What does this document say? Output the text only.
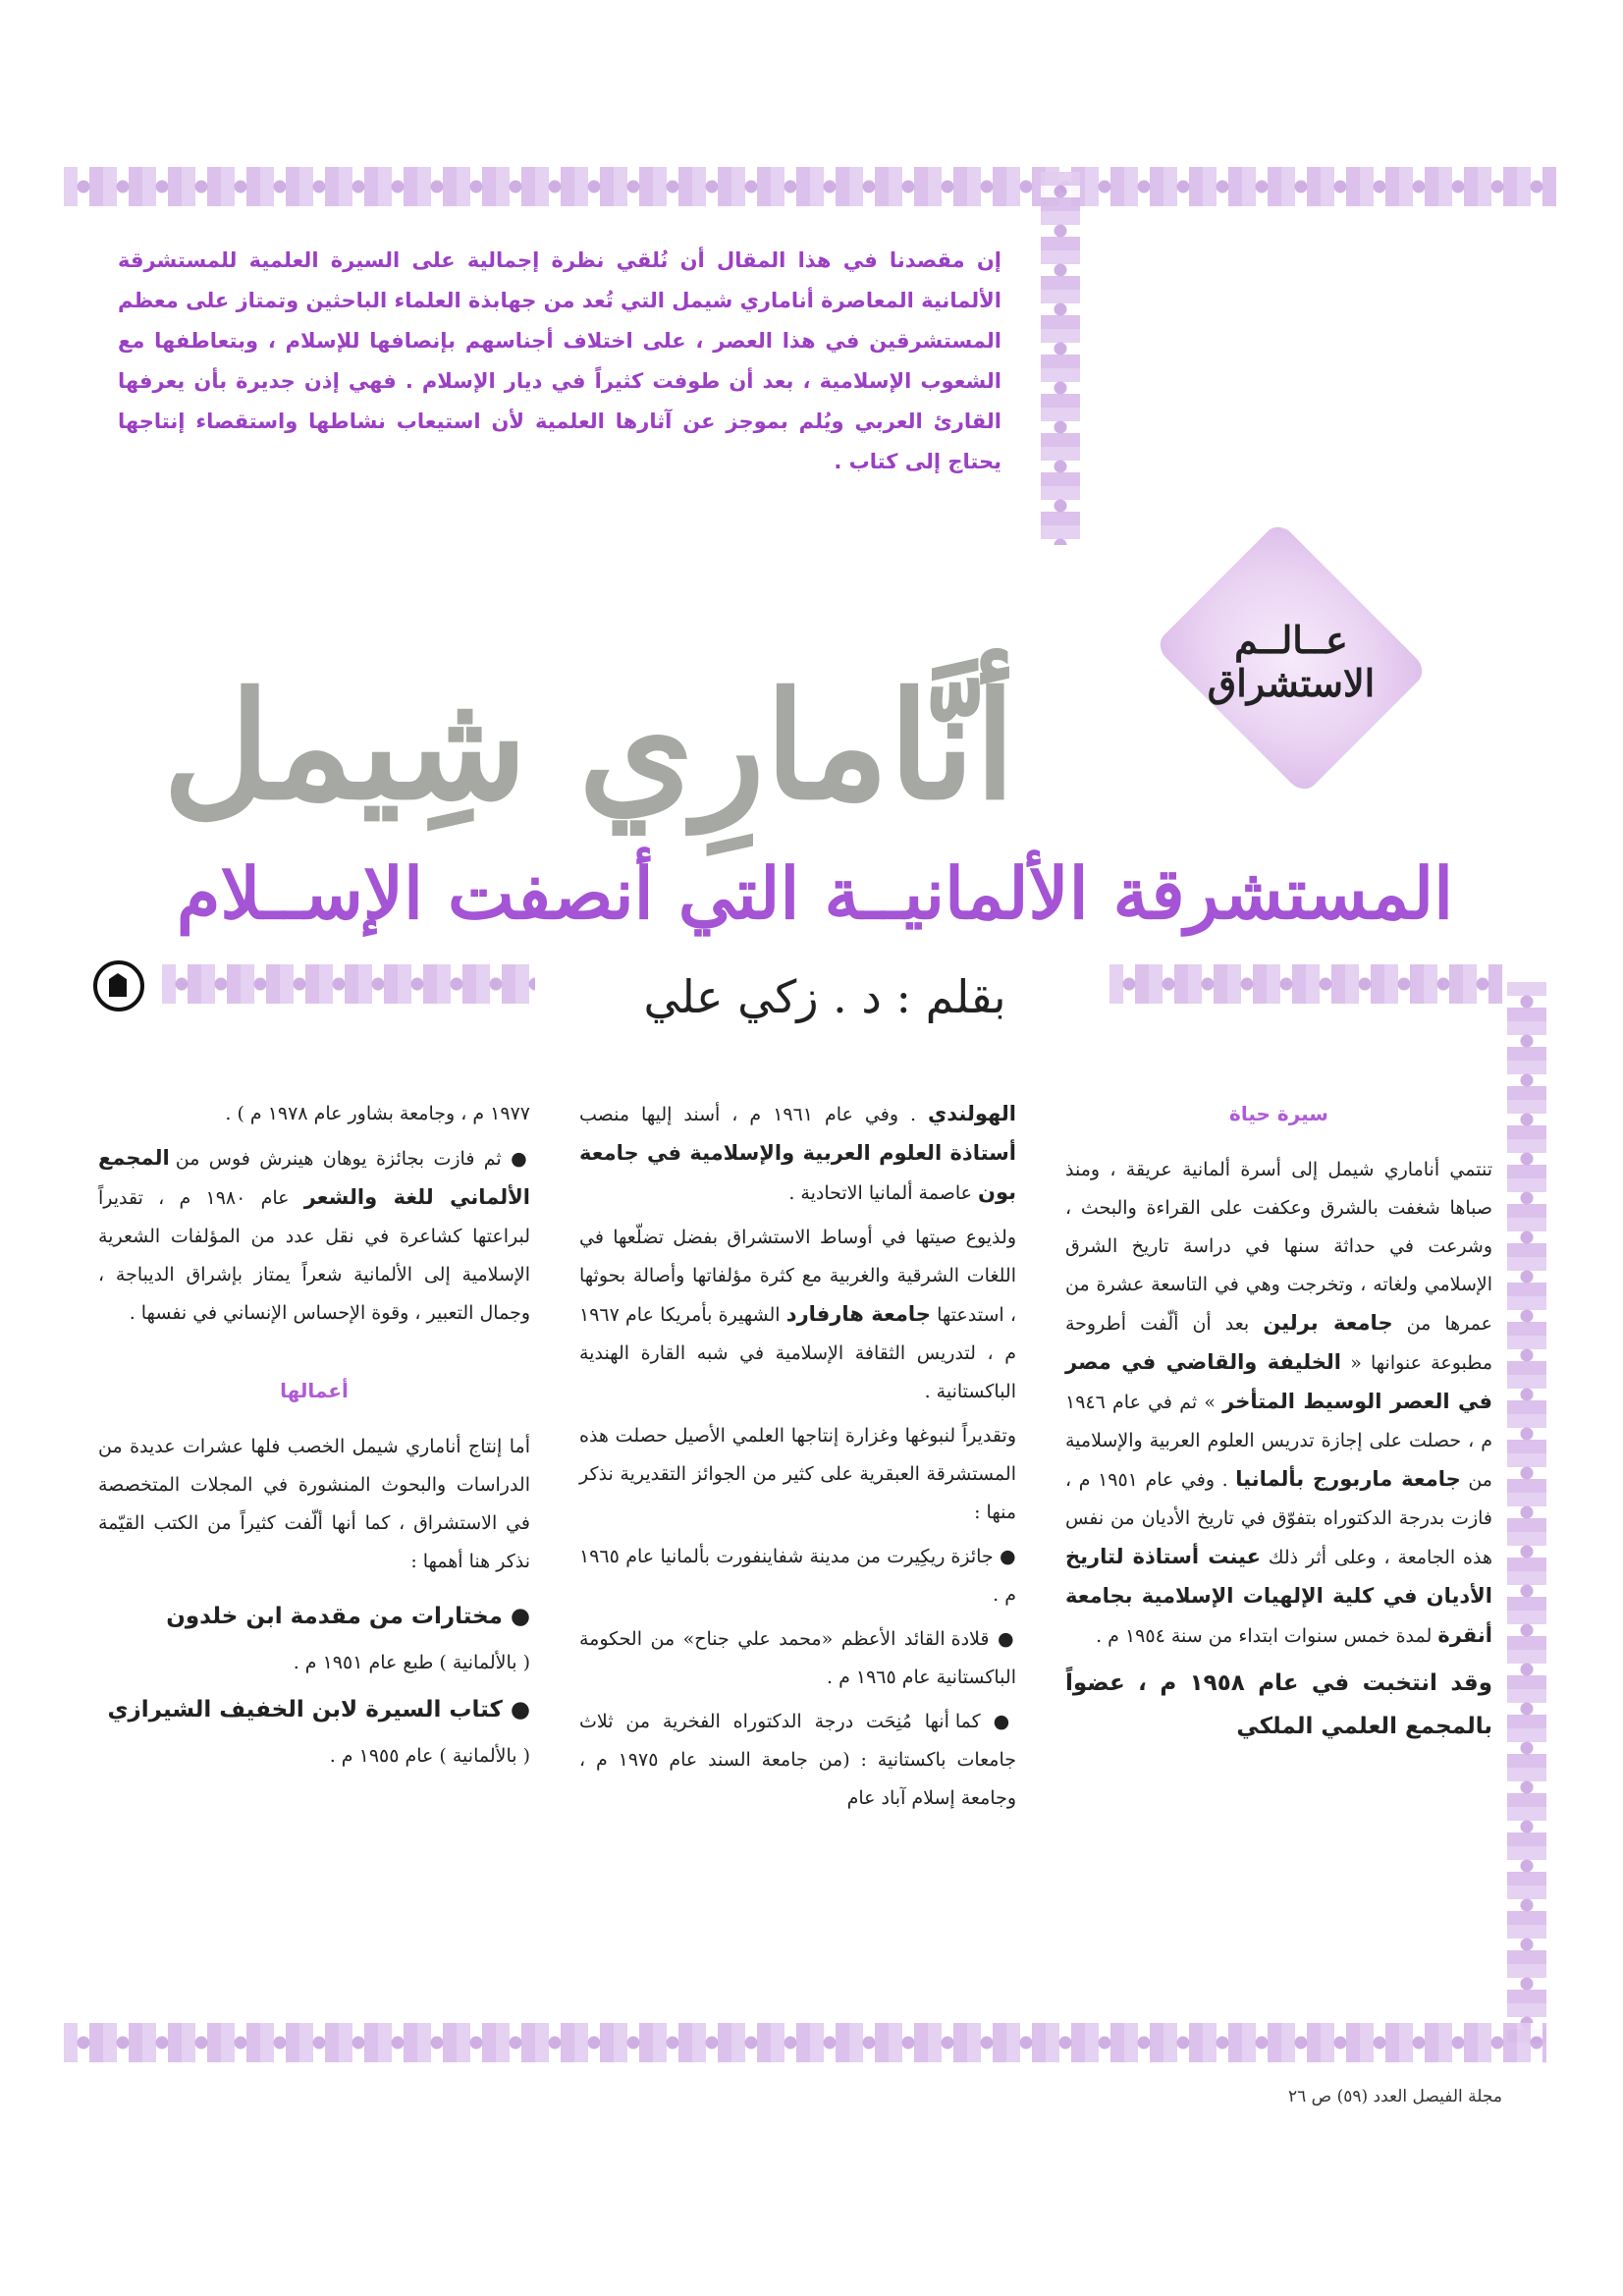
إن مقصدنا في هذا المقال أن نُلقي نظرة إجمالية على السيرة العلمية للمستشرقة الألمانية المعاصرة أناماري شيمل التي تُعد من جهابذة العلماء الباحثين وتمتاز على معظم المستشرقين في هذا العصر ، على اختلاف أجناسهم بإنصافها للإسلام ، وبتعاطفها مع الشعوب الإسلامية ، بعد أن طوفت كثيراً في ديار الإسلام . فهي إذن جديرة بأن يعرفها القارئ العربي ويُلم بموجز عن آثارها العلمية لأن استيعاب نشاطها واستقصاء إنتاجها يحتاج إلى كتاب .
عــالــم
الاستشراق
أنَّامارِي شِيمل
المستشرقة الألمانيــة التي أنصفت الإســلام
بقلم : د . زكي علي
سيرة حياة

تنتمي أناماري شيمل إلى أسرة ألمانية عريقة ، ومنذ صباها شغفت بالشرق وعكفت على القراءة والبحث ، وشرعت في حداثة سنها في دراسة تاريخ الشرق الإسلامي ولغاته ، وتخرجت وهي في التاسعة عشرة من عمرها من جامعة برلين بعد أن ألّفت أطروحة مطبوعة عنوانها « الخليفة والقاضي في مصر في العصر الوسيط المتأخر » ثم في عام ١٩٤٦ م ، حصلت على إجازة تدريس العلوم العربية والإسلامية من جامعة ماربورج بألمانيا . وفي عام ١٩٥١ م ، فازت بدرجة الدكتوراه بتفوّق في تاريخ الأديان من نفس هذه الجامعة ، وعلى أثر ذلك عينت أستاذة لتاريخ الأديان في كلية الإلهيات الإسلامية بجامعة أنقرة لمدة خمس سنوات ابتداء من سنة ١٩٥٤ م .

وقد انتخبت في عام ١٩٥٨ م ، عضواً بالمجمع العلمي الملكي

الهولندي . وفي عام ١٩٦١ م ، أسند إليها منصب أستاذة العلوم العربية والإسلامية في جامعة بون عاصمة ألمانيا الاتحادية .

ولذيوع صيتها في أوساط الاستشراق بفضل تضلّعها في اللغات الشرقية والغربية مع كثرة مؤلفاتها وأصالة بحوثها ، استدعتها جامعة هارفارد الشهيرة بأمريكا عام ١٩٦٧ م ، لتدريس الثقافة الإسلامية في شبه القارة الهندية الباكستانية .

وتقديراً لنبوغها وغزارة إنتاجها العلمي الأصيل حصلت هذه المستشرقة العبقرية على كثير من الجوائز التقديرية نذكر منها :

● جائزة ريكِيرت من مدينة شفاينفورت بألمانيا عام ١٩٦٥ م .

● قلادة القائد الأعظم «محمد علي جناح» من الحكومة الباكستانية عام ١٩٦٥ م .

● كما أنها مُنِحَت درجة الدكتوراه الفخرية من ثلاث جامعات باكستانية : (من جامعة السند عام ١٩٧٥ م ، وجامعة إسلام آباد عام

١٩٧٧ م ، وجامعة بشاور عام ١٩٧٨ م ) .

● ثم فازت بجائزة يوهان هينرش فوس من المجمع الألماني للغة والشعر عام ١٩٨٠ م ، تقديراً لبراعتها كشاعرة في نقل عدد من المؤلفات الشعرية الإسلامية إلى الألمانية شعراً يمتاز بإشراق الديباجة ، وجمال التعبير ، وقوة الإحساس الإنساني في نفسها .

أعمالها

أما إنتاج أناماري شيمل الخصب فلها عشرات عديدة من الدراسات والبحوث المنشورة في المجلات المتخصصة في الاستشراق ، كما أنها ألّفت كثيراً من الكتب القيّمة نذكر هنا أهمها :

● مختارات من مقدمة ابن خلدون

( بالألمانية ) طبع عام ١٩٥١ م .

● كتاب السيرة لابن الخفيف الشيرازي

( بالألمانية ) عام ١٩٥٥ م .

مجلة الفيصل العدد (٥٩) ص ٢٦
